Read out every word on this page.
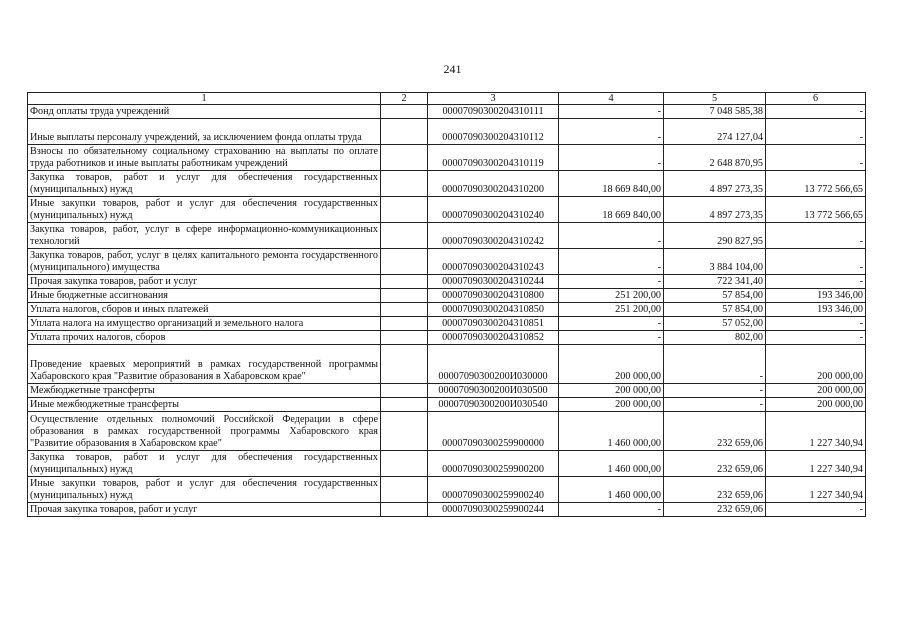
241
1	2	3	4	5	6
Фонд оплаты труда учреждений		00007090300204310111	-	7 048 585,38	-
Иные выплаты персоналу учреждений, за исключением фонда оплаты труда		00007090300204310112	-	274 127,04	-
Взносы по обязательному социальному страхованию на выплаты по оплате труда работников и иные выплаты работникам учреждений		00007090300204310119	-	2 648 870,95	-
Закупка товаров, работ и услуг для обеспечения государственных (муниципальных) нужд		00007090300204310200	18 669 840,00	4 897 273,35	13 772 566,65
Иные закупки товаров, работ и услуг для обеспечения государственных (муниципальных) нужд		00007090300204310240	18 669 840,00	4 897 273,35	13 772 566,65
Закупка товаров, работ, услуг в сфере информационно-коммуникационных технологий		00007090300204310242	-	290 827,95	-
Закупка товаров, работ, услуг в целях капитального ремонта государственного (муниципального) имущества		00007090300204310243	-	3 884 104,00	-
Прочая закупка товаров, работ и услуг		00007090300204310244	-	722 341,40	-
Иные бюджетные ассигнования		00007090300204310800	251 200,00	57 854,00	193 346,00
Уплата налогов, сборов и иных платежей		00007090300204310850	251 200,00	57 854,00	193 346,00
Уплата налога на имущество организаций и земельного налога		00007090300204310851	-	57 052,00	-
Уплата прочих налогов, сборов		00007090300204310852	-	802,00	-
Проведение краевых мероприятий в рамках государственной программы Хабаровского края "Развитие образования в Хабаровском крае"		00007090300200И030000	200 000,00	-	200 000,00
Межбюджетные трансферты		00007090300200И030500	200 000,00	-	200 000,00
Иные межбюджетные трансферты		00007090300200И030540	200 000,00	-	200 000,00
Осуществление отдельных полномочий Российской Федерации в сфере образования в рамках государственной программы Хабаровского края "Развитие образования в Хабаровском крае"		00007090300259900000	1 460 000,00	232 659,06	1 227 340,94
Закупка товаров, работ и услуг для обеспечения государственных (муниципальных) нужд		00007090300259900200	1 460 000,00	232 659,06	1 227 340,94
Иные закупки товаров, работ и услуг для обеспечения государственных (муниципальных) нужд		00007090300259900240	1 460 000,00	232 659,06	1 227 340,94
Прочая закупка товаров, работ и услуг		00007090300259900244	-	232 659,06	-
